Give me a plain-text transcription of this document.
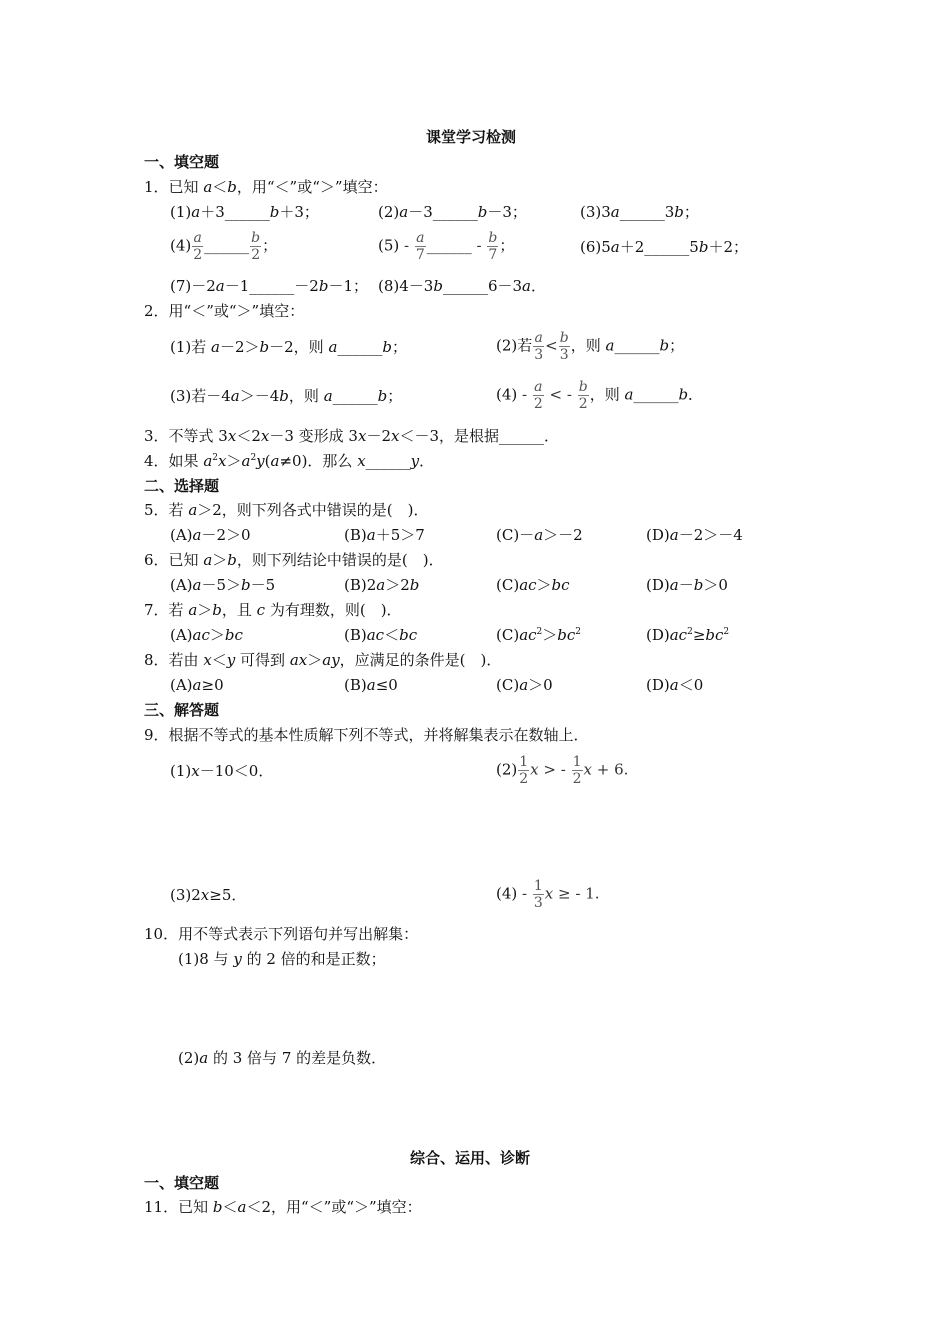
课堂学习检测
一、填空题
1．已知 a＜b，用“＜”或“＞”填空：
(1)a＋3______b＋3；	(2)a－3______b－3；	(3)3a______3b；
$(4) \frac{a}{2}$ ______ $\frac{b}{2}$ ；	$(5) - \frac{a}{7}$ ______ - $\frac{b}{7}$ ；	(6)5a＋2______5b＋2；
(7)－2a－1______－2b－1； (8)4－3b______6－3a．
2．用“＜”或“＞”填空：
(1)若 a－2＞b－2，则 a______b；	(2)若 $\frac{a}{3} < \frac{b}{3}$ ，则 a______b；
(3)若－4a＞－4b，则 a______b；	$(4) - \frac{a}{2}$ < - $\frac{b}{2}$ ，则 a______b．
3．不等式 3x＜2x－3 变形成 3x－2x＜－3，是根据______．
4．如果 $a^2x>a^2y(a\ne 0)$．那么 x______y．
二、选择题
5．若 a＞2，则下列各式中错误的是(　)．
(A)a－2＞0	(B)a＋5＞7	(C)－a＞－2	(D)a－2＞－4
6．已知 a＞b，则下列结论中错误的是(　)．
(A)a－5＞b－5	(B)2a＞2b	(C)ac＞bc	(D)a－b＞0
7．若 a＞b，且 c 为有理数，则(　)．
(A)ac＞bc	(B)ac＜bc	$(C)ac^2>bc^2$	$(D)ac^2\ge bc^2$
8．若由 x＜y 可得到 ax＞ay，应满足的条件是(　)．
(A)a≥0	(B)a≤0	(C)a＞0	(D)a＜0
三、解答题
9．根据不等式的基本性质解下列不等式，并将解集表示在数轴上．
(1)x－10＜0．	$(2) \frac{1}{2}$ x > - $\frac{1}{2}$ x + 6.
(3)2x≥5．	$(4) - \frac{1}{3}$ x ≥ - 1.
10．用不等式表示下列语句并写出解集：
(1)8 与 y 的 2 倍的和是正数；
(2)a 的 3 倍与 7 的差是负数．
综合、运用、诊断
一、填空题
11．已知 b＜a＜2，用“＜”或“＞”填空：
